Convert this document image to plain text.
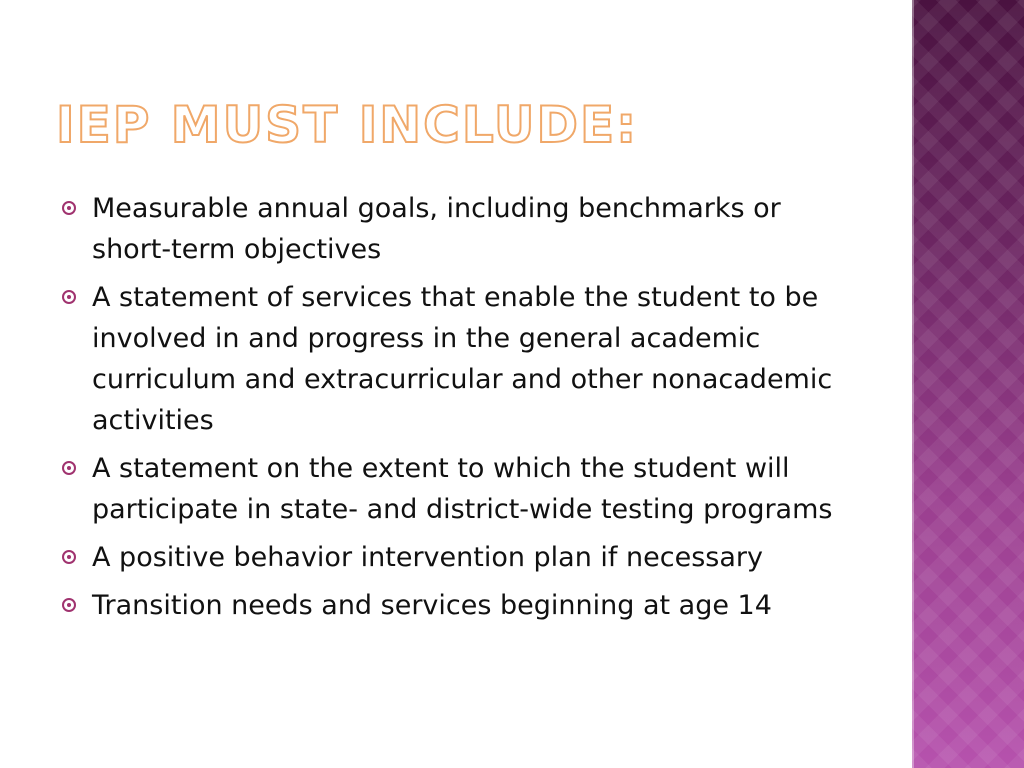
IEP MUST INCLUDE:
Measurable annual goals, including benchmarks or short-term objectives
A statement of services that enable the student to be involved in and progress in the general academic curriculum and extracurricular and other nonacademic activities
A statement on the extent to which the student will participate in state- and district-wide testing programs
A positive behavior intervention plan if necessary
Transition needs and services beginning at age 14
